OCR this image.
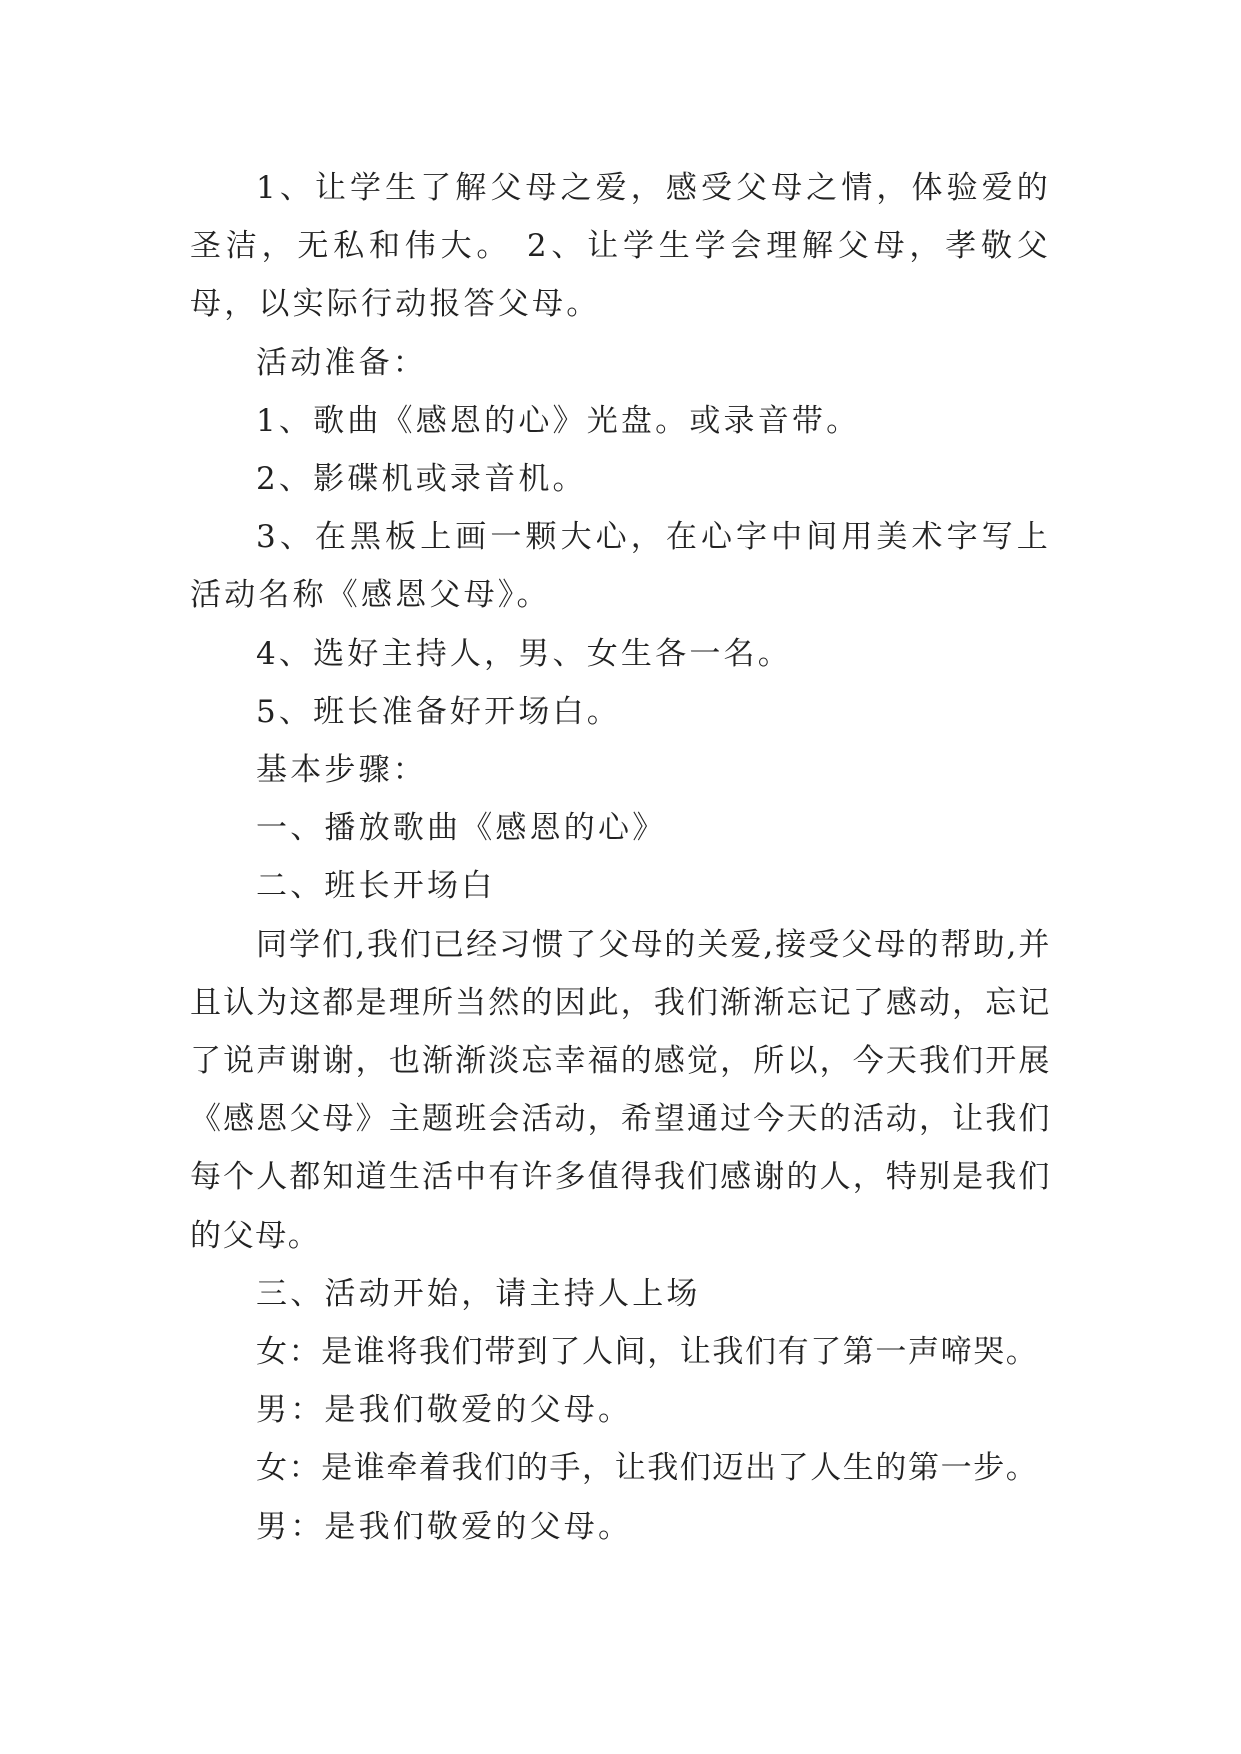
1、让学生了解父母之爱，感受父母之情，体验爱的圣洁，无私和伟大。 2、让学生学会理解父母，孝敬父母，以实际行动报答父母。

活动准备：

1、歌曲《感恩的心》光盘。或录音带。

2、影碟机或录音机。

3、在黑板上画一颗大心，在心字中间用美术字写上活动名称《感恩父母》。

4、选好主持人，男、女生各一名。

5、班长准备好开场白。

基本步骤：

一、播放歌曲《感恩的心》

二、班长开场白

同学们,我们已经习惯了父母的关爱,接受父母的帮助,并且认为这都是理所当然的因此，我们渐渐忘记了感动，忘记了说声谢谢，也渐渐淡忘幸福的感觉，所以，今天我们开展《感恩父母》主题班会活动，希望通过今天的活动，让我们每个人都知道生活中有许多值得我们感谢的人，特别是我们的父母。

三、活动开始，请主持人上场

女：是谁将我们带到了人间，让我们有了第一声啼哭。

男：是我们敬爱的父母。

女：是谁牵着我们的手，让我们迈出了人生的第一步。

男：是我们敬爱的父母。
